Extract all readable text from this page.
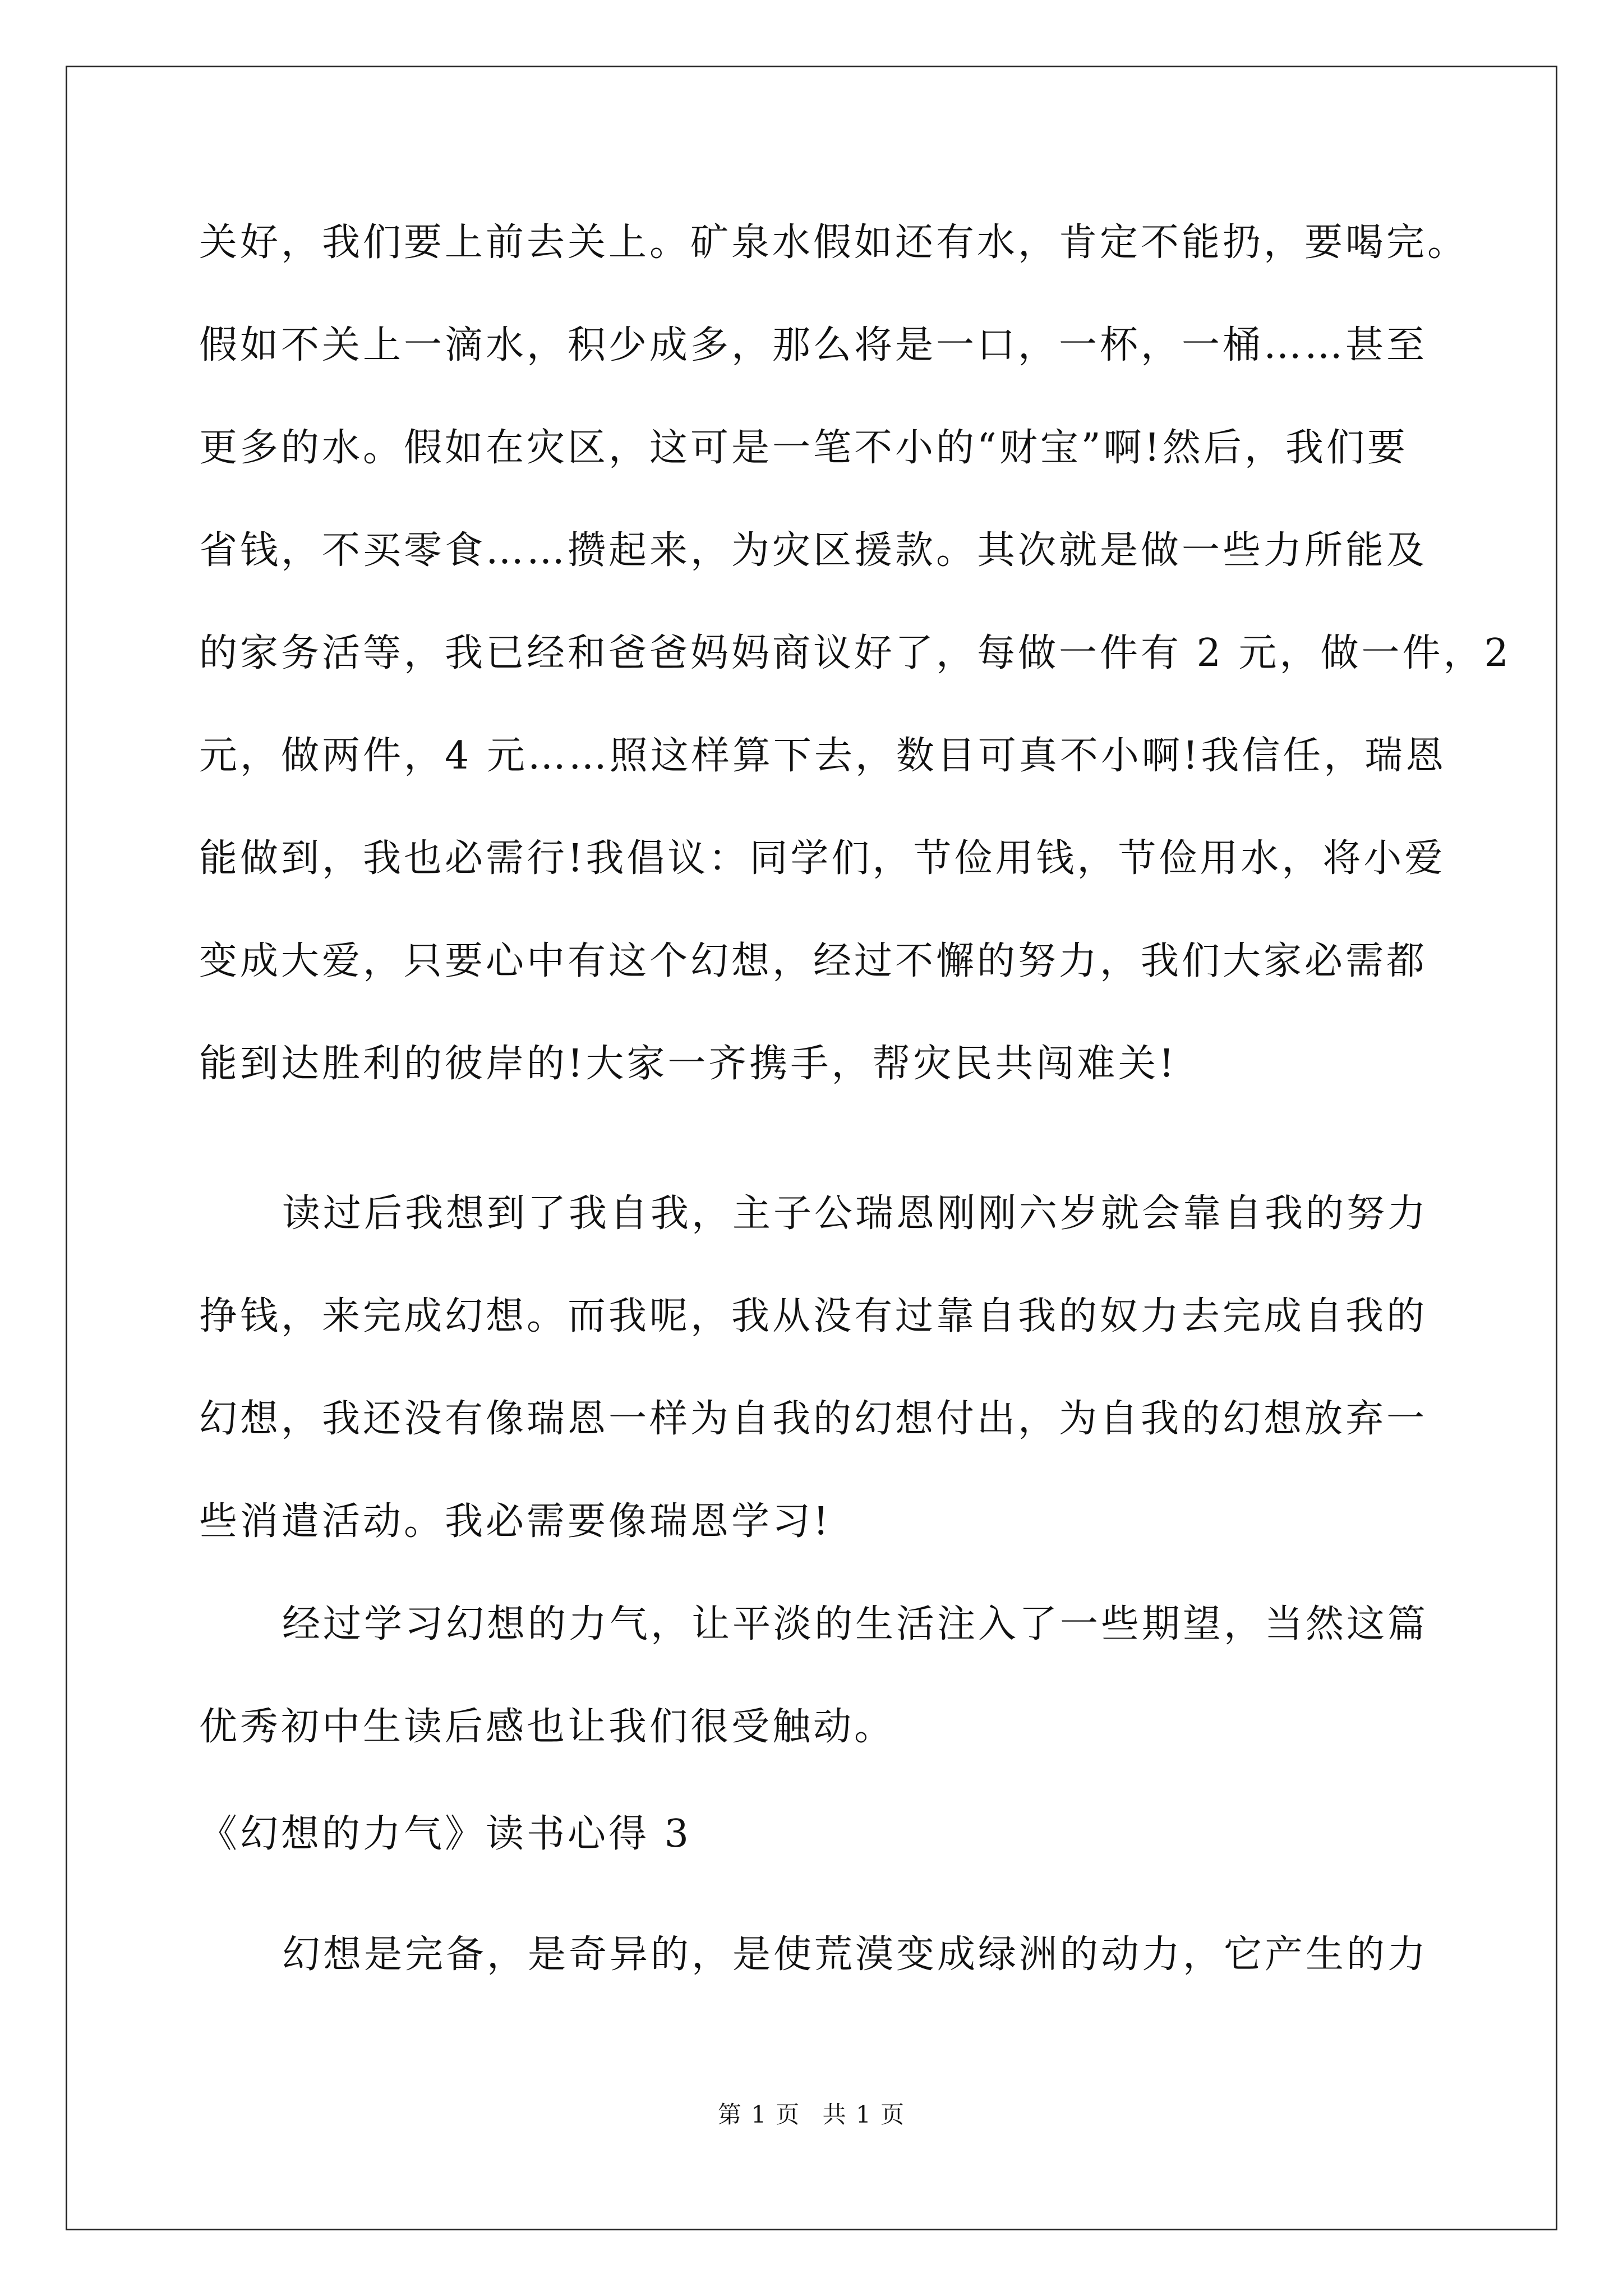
关好，我们要上前去关上。矿泉水假如还有水，肯定不能扔，要喝完。
假如不关上一滴水，积少成多，那么将是一口，一杯，一桶……甚至
更多的水。假如在灾区，这可是一笔不小的“财宝”啊!然后，我们要
省钱，不买零食……攒起来，为灾区援款。其次就是做一些力所能及
的家务活等，我已经和爸爸妈妈商议好了，每做一件有 2 元，做一件，2
元，做两件，4 元……照这样算下去，数目可真不小啊!我信任，瑞恩
能做到，我也必需行!我倡议：同学们，节俭用钱，节俭用水，将小爱
变成大爱，只要心中有这个幻想，经过不懈的努力，我们大家必需都
能到达胜利的彼岸的!大家一齐携手，帮灾民共闯难关!
读过后我想到了我自我，主子公瑞恩刚刚六岁就会靠自我的努力
挣钱，来完成幻想。而我呢，我从没有过靠自我的奴力去完成自我的
幻想，我还没有像瑞恩一样为自我的幻想付出，为自我的幻想放弃一
些消遣活动。我必需要像瑞恩学习!
经过学习幻想的力气，让平淡的生活注入了一些期望，当然这篇
优秀初中生读后感也让我们很受触动。
《幻想的力气》读书心得 3
幻想是完备，是奇异的，是使荒漠变成绿洲的动力，它产生的力
第 1 页 共 1 页
